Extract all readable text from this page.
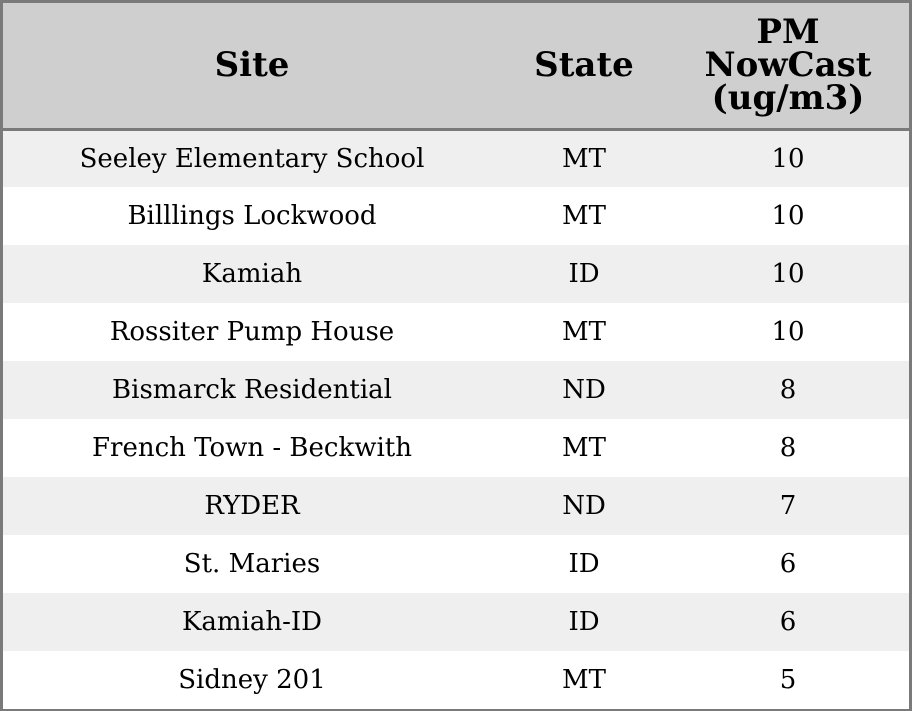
Site	State	PM NowCast (ug/m3)

Seeley Elementary School	MT	10
Billlings Lockwood	MT	10
Kamiah	ID	10
Rossiter Pump House	MT	10
Bismarck Residential	ND	8
French Town - Beckwith	MT	8
RYDER	ND	7
St. Maries	ID	6
Kamiah-ID	ID	6
Sidney 201	MT	5
